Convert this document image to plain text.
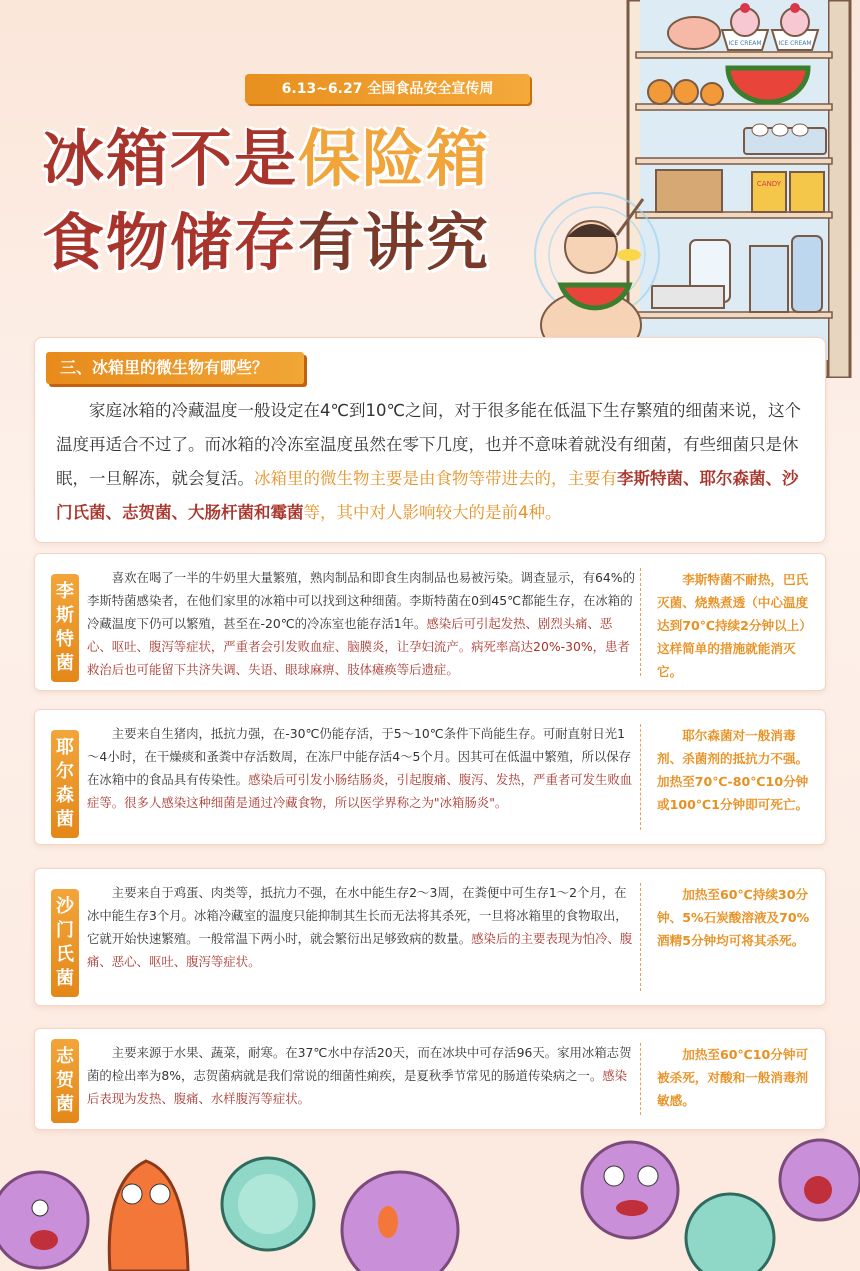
ICE CREAM	ICE CREAM
CANDY
6.13~6.27 全国食品安全宣传周
冰箱不是保险箱
食物储存有讲究
三、冰箱里的微生物有哪些？
家庭冰箱的冷藏温度一般设定在4℃到10℃之间，对于很多能在低温下生存繁殖的细菌来说，这个温度再适合不过了。而冰箱的冷冻室温度虽然在零下几度，也并不意味着就没有细菌，有些细菌只是休眠，一旦解冻，就会复活。冰箱里的微生物主要是由食物等带进去的，主要有李斯特菌、耶尔森菌、沙门氏菌、志贺菌、大肠杆菌和霉菌等，其中对人影响较大的是前4种。
李斯特菌
喜欢在喝了一半的牛奶里大量繁殖，熟肉制品和即食生肉制品也易被污染。调查显示，有64%的李斯特菌感染者，在他们家里的冰箱中可以找到这种细菌。李斯特菌在0到45℃都能生存，在冰箱的冷藏温度下仍可以繁殖，甚至在-20℃的冷冻室也能存活1年。感染后可引起发热、剧烈头痛、恶心、呕吐、腹泻等症状，严重者会引发败血症、脑膜炎，让孕妇流产。病死率高达20%-30%，患者救治后也可能留下共济失调、失语、眼球麻痹、肢体瘫痪等后遗症。
李斯特菌不耐热，巴氏灭菌、烧熟煮透（中心温度达到70℃持续2分钟以上）这样简单的措施就能消灭它。
耶尔森菌
主要来自生猪肉，抵抗力强，在-30℃仍能存活，于5～10℃条件下尚能生存。可耐直射日光1～4小时，在干燥痰和蚤粪中存活数周，在冻尸中能存活4～5个月。因其可在低温中繁殖，所以保存在冰箱中的食品具有传染性。感染后可引发小肠结肠炎，引起腹痛、腹泻、发热，严重者可发生败血症等。很多人感染这种细菌是通过冷藏食物，所以医学界称之为"冰箱肠炎"。
耶尔森菌对一般消毒剂、杀菌剂的抵抗力不强。加热至70℃-80℃10分钟或100℃1分钟即可死亡。
沙门氏菌
主要来自于鸡蛋、肉类等，抵抗力不强，在水中能生存2～3周，在粪便中可生存1～2个月，在冰中能生存3个月。冰箱冷藏室的温度只能抑制其生长而无法将其杀死，一旦将冰箱里的食物取出，它就开始快速繁殖。一般常温下两小时，就会繁衍出足够致病的数量。感染后的主要表现为怕冷、腹痛、恶心、呕吐、腹泻等症状。
加热至60℃持续30分钟、5%石炭酸溶液及70%酒精5分钟均可将其杀死。
志贺菌
主要来源于水果、蔬菜，耐寒。在37℃水中存活20天，而在冰块中可存活96天。家用冰箱志贺菌的检出率为8%，志贺菌病就是我们常说的细菌性痢疾，是夏秋季节常见的肠道传染病之一。感染后表现为发热、腹痛、水样腹泻等症状。
加热至60℃10分钟可被杀死，对酸和一般消毒剂敏感。
